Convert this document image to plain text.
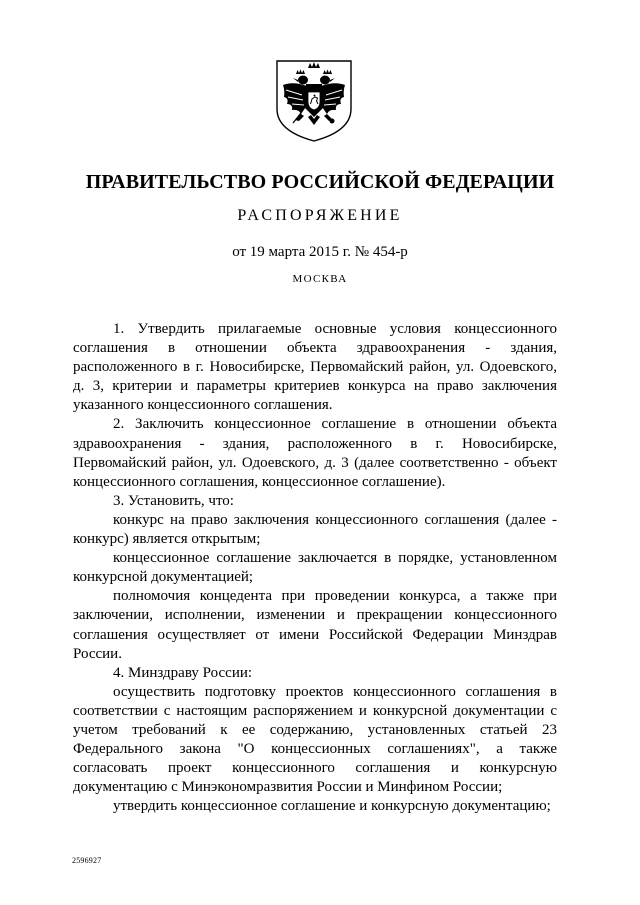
ПРАВИТЕЛЬСТВО РОССИЙСКОЙ ФЕДЕРАЦИИ
РАСПОРЯЖЕНИЕ
от 19 марта 2015 г. № 454-р
МОСКВА

1. Утвердить прилагаемые основные условия концессионного соглашения в отношении объекта здравоохранения - здания, расположенного в г. Новосибирске, Первомайский район, ул. Одоевского, д. 3, критерии и параметры критериев конкурса на право заключения указанного концессионного соглашения.

2. Заключить концессионное соглашение в отношении объекта здравоохранения - здания, расположенного в г. Новосибирске, Первомайский район, ул. Одоевского, д. 3 (далее соответственно - объект концессионного соглашения, концессионное соглашение).

3. Установить, что:

конкурс на право заключения концессионного соглашения (далее - конкурс) является открытым;

концессионное соглашение заключается в порядке, установленном конкурсной документацией;

полномочия концедента при проведении конкурса, а также при заключении, исполнении, изменении и прекращении концессионного соглашения осуществляет от имени Российской Федерации Минздрав России.

4. Минздраву России:

осуществить подготовку проектов концессионного соглашения в соответствии с настоящим распоряжением и конкурсной документации с учетом требований к ее содержанию, установленных статьей 23 Федерального закона "О концессионных соглашениях", а также согласовать проект концессионного соглашения и конкурсную документацию с Минэкономразвития России и Минфином России;

утвердить концессионное соглашение и конкурсную документацию;

2596927
